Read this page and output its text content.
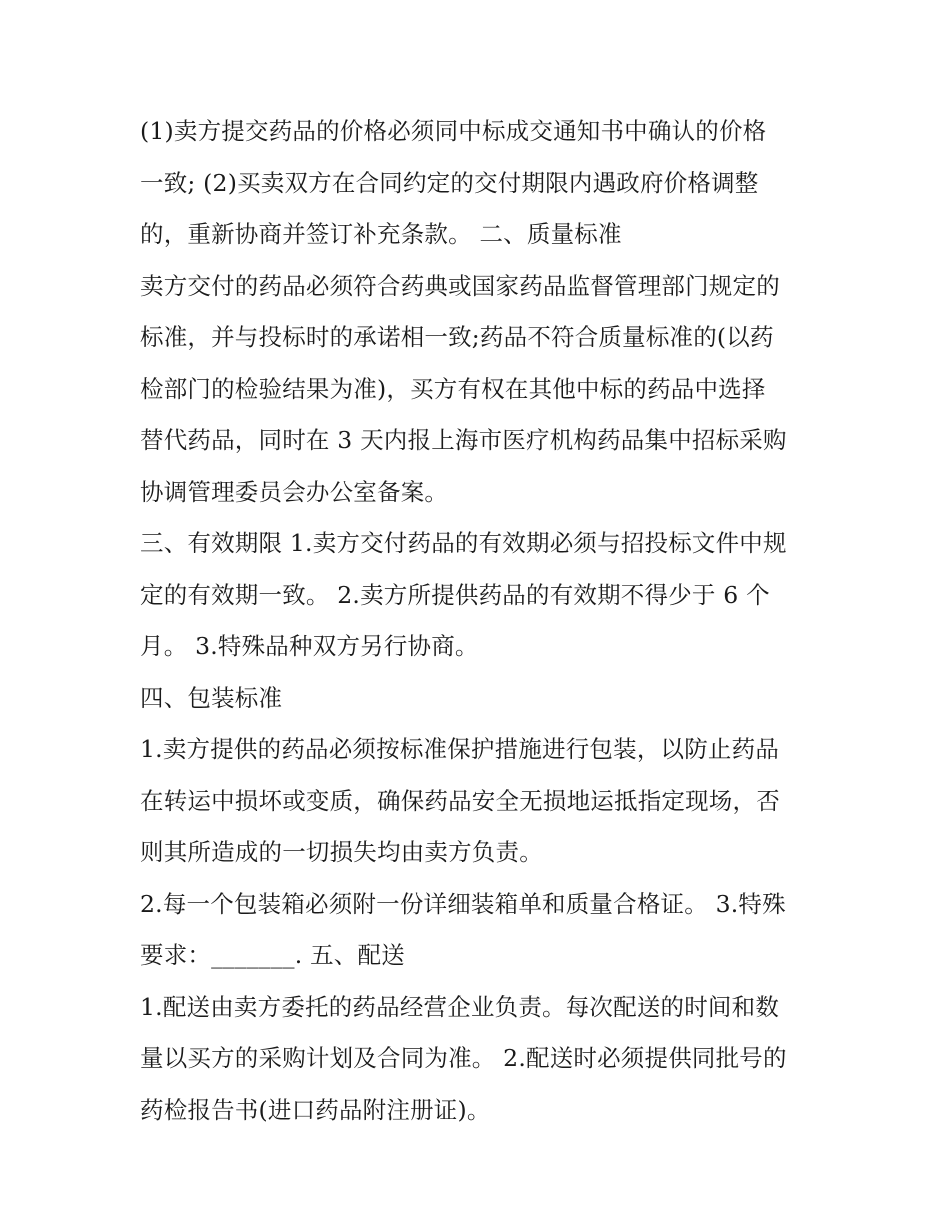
(1)卖方提交药品的价格必须同中标成交通知书中确认的价格
一致; (2)买卖双方在合同约定的交付期限内遇政府价格调整
的，重新协商并签订补充条款。 二、质量标准
卖方交付的药品必须符合药典或国家药品监督管理部门规定的
标准，并与投标时的承诺相一致;药品不符合质量标准的(以药
检部门的检验结果为准)，买方有权在其他中标的药品中选择
替代药品，同时在 3 天内报上海市医疗机构药品集中招标采购
协调管理委员会办公室备案。
三、有效期限 1.卖方交付药品的有效期必须与招投标文件中规
定的有效期一致。 2.卖方所提供药品的有效期不得少于 6 个
月。 3.特殊品种双方另行协商。
四、包装标准
1.卖方提供的药品必须按标准保护措施进行包装，以防止药品
在转运中损坏或变质，确保药品安全无损地运抵指定现场，否
则其所造成的一切损失均由卖方负责。
2.每一个包装箱必须附一份详细装箱单和质量合格证。 3.特殊
要求：_______. 五、配送
1.配送由卖方委托的药品经营企业负责。每次配送的时间和数
量以买方的采购计划及合同为准。 2.配送时必须提供同批号的
药检报告书(进口药品附注册证)。
